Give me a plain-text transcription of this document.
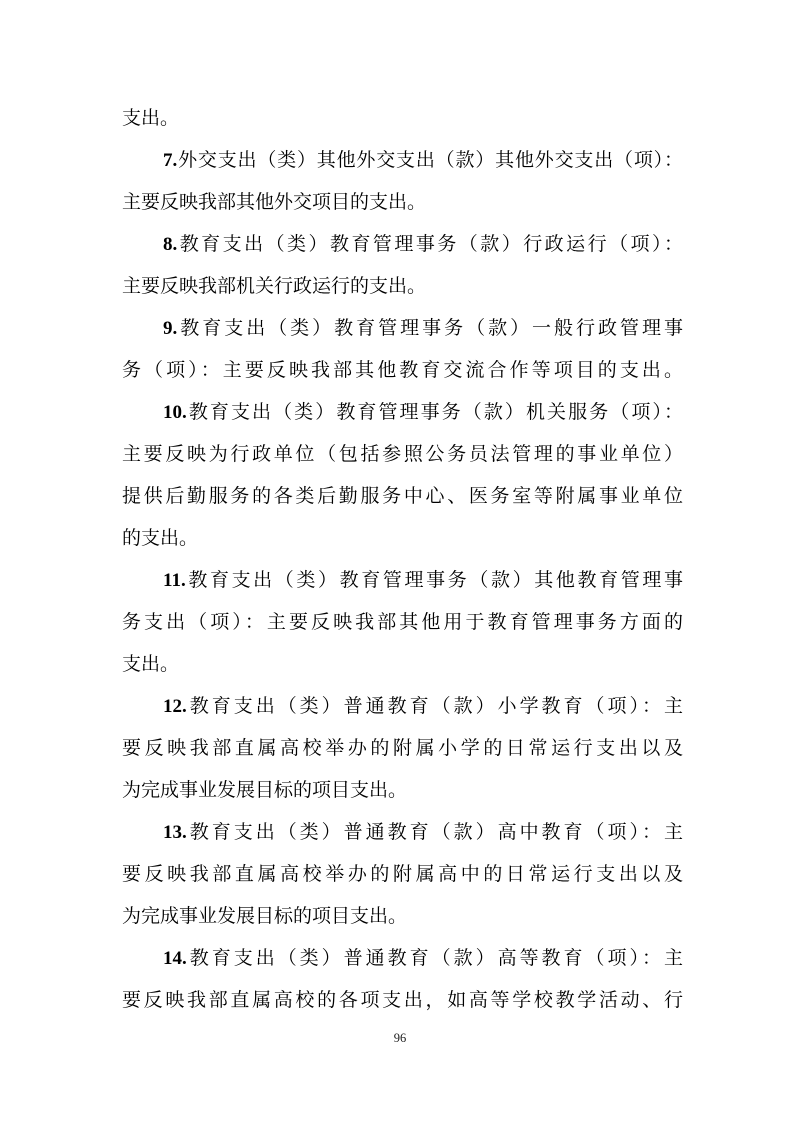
支出。
7.外交支出（类）其他外交支出（款）其他外交支出（项）：
主要反映我部其他外交项目的支出。
8.教育支出（类）教育管理事务（款）行政运行（项）：
主要反映我部机关行政运行的支出。
9.教育支出（类）教育管理事务（款）一般行政管理事
务（项）：主要反映我部其他教育交流合作等项目的支出。
10.教育支出（类）教育管理事务（款）机关服务（项）：
主要反映为行政单位（包括参照公务员法管理的事业单位）
提供后勤服务的各类后勤服务中心、医务室等附属事业单位
的支出。
11.教育支出（类）教育管理事务（款）其他教育管理事
务支出（项）：主要反映我部其他用于教育管理事务方面的
支出。
12.教育支出（类）普通教育（款）小学教育（项）：主
要反映我部直属高校举办的附属小学的日常运行支出以及
为完成事业发展目标的项目支出。
13.教育支出（类）普通教育（款）高中教育（项）：主
要反映我部直属高校举办的附属高中的日常运行支出以及
为完成事业发展目标的项目支出。
14.教育支出（类）普通教育（款）高等教育（项）：主
要反映我部直属高校的各项支出，如高等学校教学活动、行
96
